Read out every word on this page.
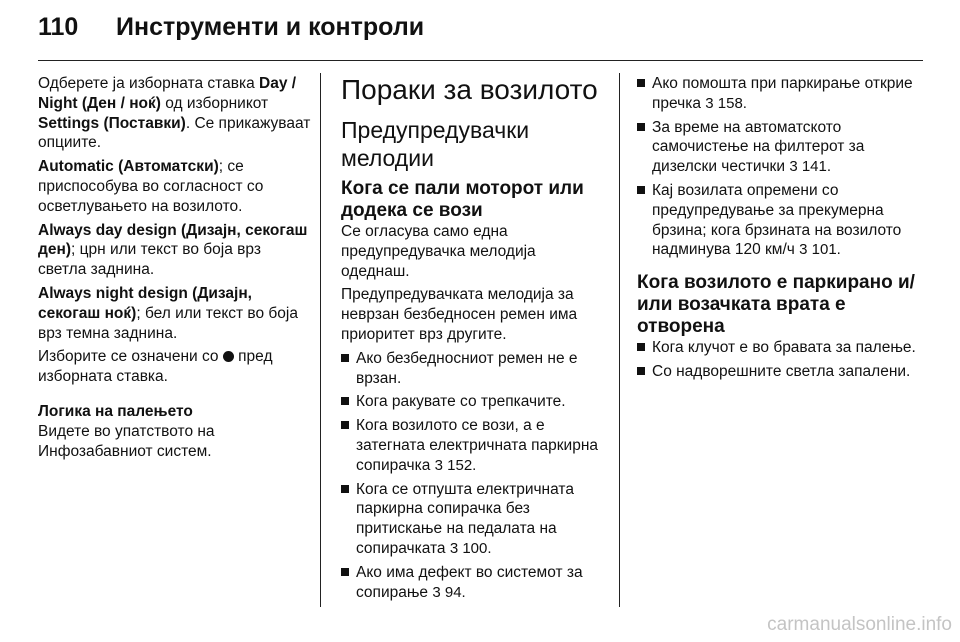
110 Инструменти и контроли

Одберете ја изборната ставка Day / Night (Ден / ноќ) од изборникот Settings (Поставки). Се прикажуваат опциите.

Automatic (Автоматски); се приспособува во согласност со осветлувањето на возилото.

Always day design (Дизајн, секогаш ден); црн или текст во боја врз светла заднина.

Always night design (Дизајн, секогаш ноќ); бел или текст во боја врз темна заднина.

Изборите се означени со  пред изборната ставка.

Логика на палењето

Видете во упатството на Инфозабавниот систем.

Пораки за возилото
Предупредувачки мелодии
Кога се пали моторот или додека се вози

Се огласува само една предупредувачка мелодија одеднаш.

Предупредувачката мелодија за неврзан безбедносен ремен има приоритет врз другите.

Ако безбедносниот ремен не е врзан.
Кога ракувате со трепкачите.
Кога возилото се вози, а е затегната електричната паркирна сопирачка 3 152.
Кога се отпушта електричната паркирна сопирачка без притискање на педалата на сопирачката 3 100.
Ако има дефект во системот за сопирање 3 94.
Ако помошта при паркирање открие пречка 3 158.
За време на автоматското самочистење на филтерот за дизелски честички 3 141.
Кај возилата опремени со предупредување за прекумерна брзина; кога брзината на возилото надминува 120 км/ч 3 101.
Кога возилото е паркирано и/ или возачката врата е отворена
Кога клучот е во бравата за палење.
Со надворешните светла запалени.
carmanualsonline.info
